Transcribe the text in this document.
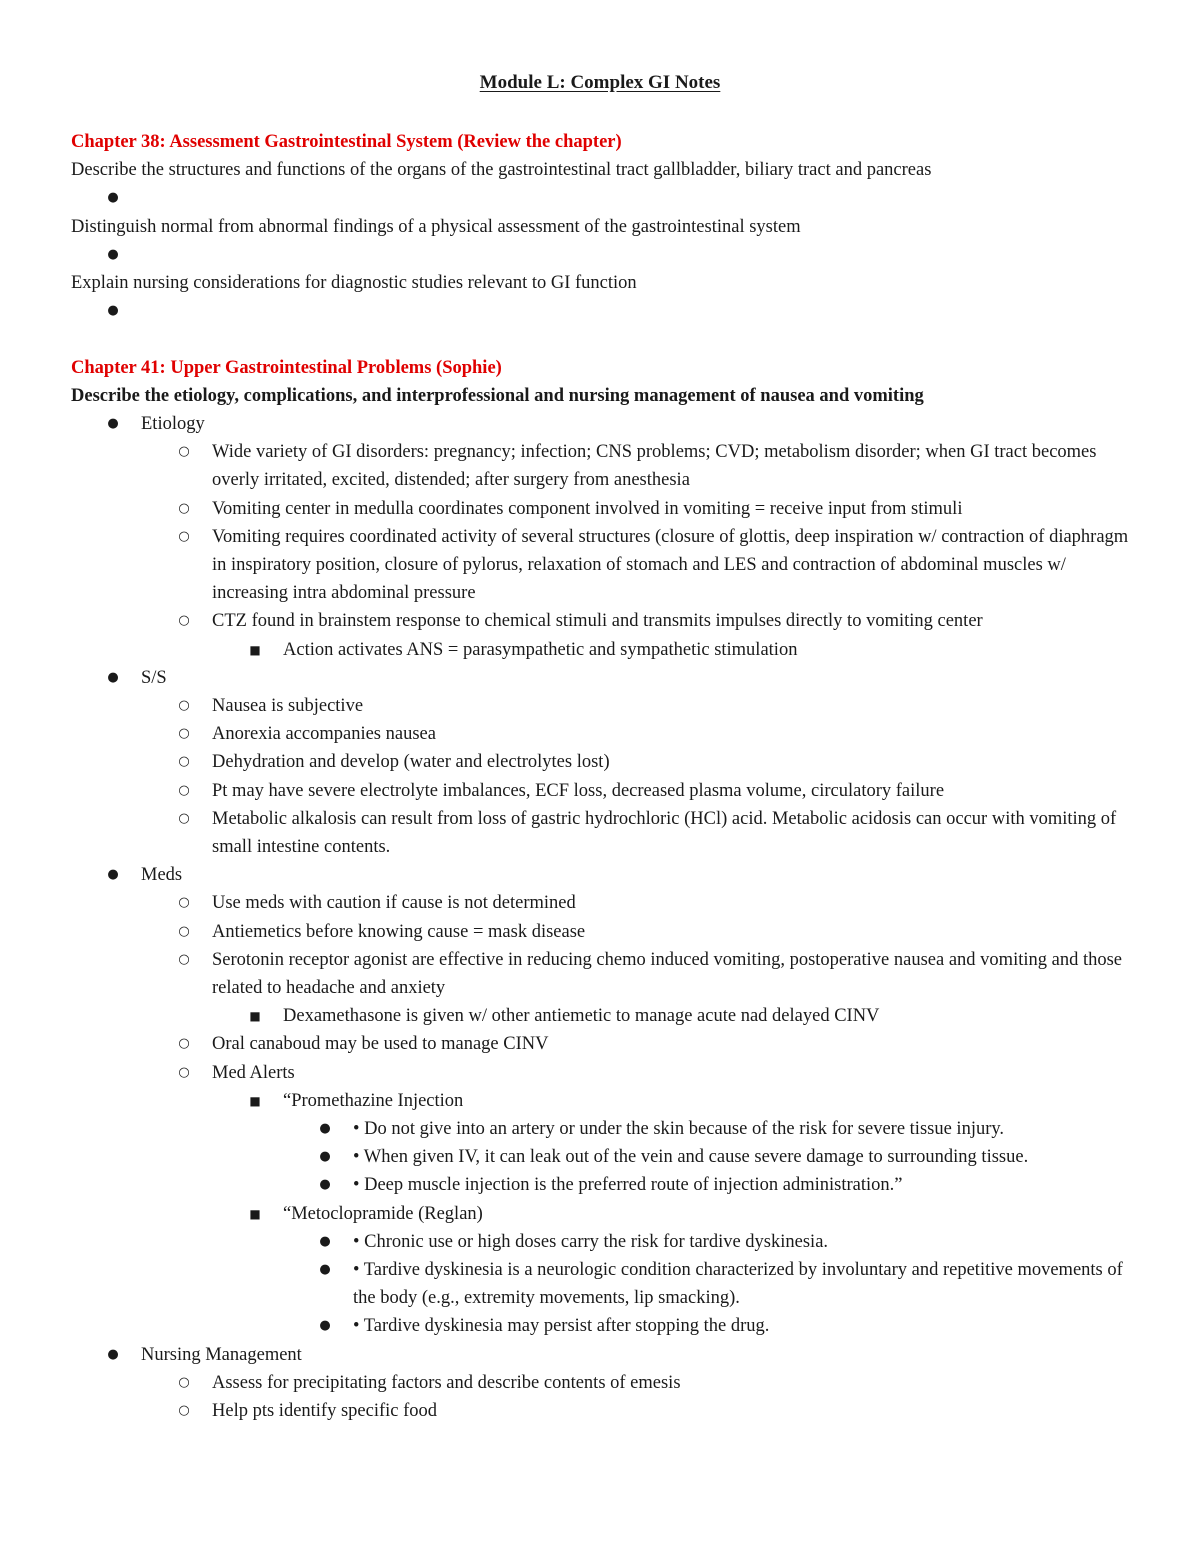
Module L: Complex GI Notes
Chapter 38: Assessment Gastrointestinal System (Review the chapter)
Describe the structures and functions of the organs of the gastrointestinal tract gallbladder, biliary tract and pancreas
●
Distinguish normal from abnormal findings of a physical assessment of the gastrointestinal system
●
Explain nursing considerations for diagnostic studies relevant to GI function
●
Chapter 41: Upper Gastrointestinal Problems (Sophie)
Describe the etiology, complications, and interprofessional and nursing management of nausea and vomiting
● Etiology
○ Wide variety of GI disorders: pregnancy; infection; CNS problems; CVD; metabolism disorder; when GI tract becomes overly irritated, excited, distended; after surgery from anesthesia
○ Vomiting center in medulla coordinates component involved in vomiting = receive input from stimuli
○ Vomiting requires coordinated activity of several structures (closure of glottis, deep inspiration w/ contraction of diaphragm in inspiratory position, closure of pylorus, relaxation of stomach and LES and contraction of abdominal muscles w/ increasing intra abdominal pressure
○ CTZ found in brainstem response to chemical stimuli and transmits impulses directly to vomiting center
■ Action activates ANS = parasympathetic and sympathetic stimulation
● S/S
○ Nausea is subjective
○ Anorexia accompanies nausea
○ Dehydration and develop (water and electrolytes lost)
○ Pt may have severe electrolyte imbalances, ECF loss, decreased plasma volume, circulatory failure
○ Metabolic alkalosis can result from loss of gastric hydrochloric (HCl) acid. Metabolic acidosis can occur with vomiting of small intestine contents.
● Meds
○ Use meds with caution if cause is not determined
○ Antiemetics before knowing cause = mask disease
○ Serotonin receptor agonist are effective in reducing chemo induced vomiting, postoperative nausea and vomiting and those related to headache and anxiety
■ Dexamethasone is given w/ other antiemetic to manage acute nad delayed CINV
○ Oral canaboud may be used to manage CINV
○ Med Alerts
■ “Promethazine Injection
● • Do not give into an artery or under the skin because of the risk for severe tissue injury.
● • When given IV, it can leak out of the vein and cause severe damage to surrounding tissue.
● • Deep muscle injection is the preferred route of injection administration.”
■ “Metoclopramide (Reglan)
● • Chronic use or high doses carry the risk for tardive dyskinesia.
● • Tardive dyskinesia is a neurologic condition characterized by involuntary and repetitive movements of the body (e.g., extremity movements, lip smacking).
● • Tardive dyskinesia may persist after stopping the drug.
● Nursing Management
○ Assess for precipitating factors and describe contents of emesis
○ Help pts identify specific food
